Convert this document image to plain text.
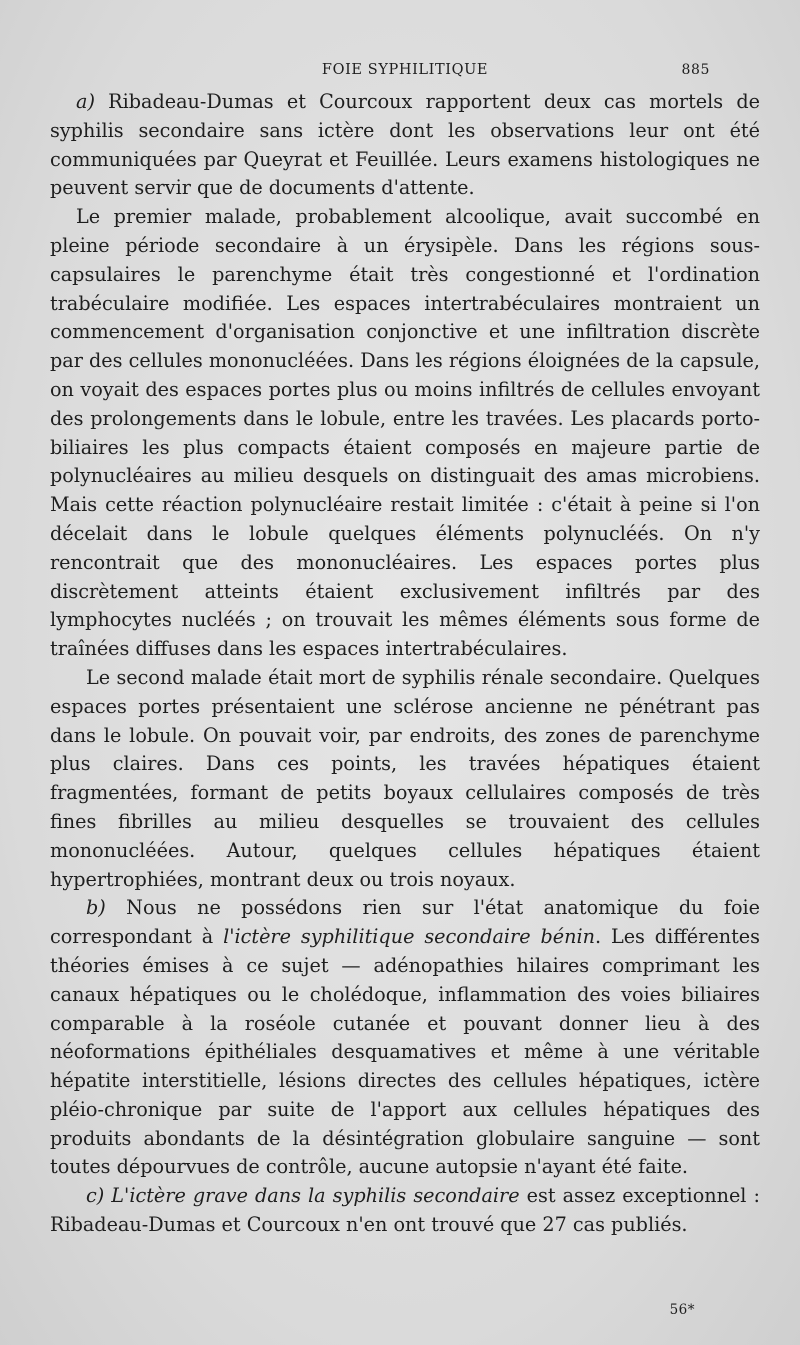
FOIE SYPHILITIQUE	885

a) Ribadeau-Dumas et Courcoux rapportent deux cas mortels de syphilis secondaire sans ictère dont les observations leur ont été communiquées par Queyrat et Feuillée. Leurs examens histologiques ne peuvent servir que de documents d'attente.

Le premier malade, probablement alcoolique, avait succombé en pleine période secondaire à un érysipèle. Dans les régions sous-capsulaires le parenchyme était très congestionné et l'ordination trabéculaire modifiée. Les espaces intertrabéculaires montraient un commencement d'organisation conjonctive et une infiltration discrète par des cellules mononucléées. Dans les régions éloignées de la capsule, on voyait des espaces portes plus ou moins infiltrés de cellules envoyant des prolongements dans le lobule, entre les travées. Les placards porto-biliaires les plus compacts étaient composés en majeure partie de polynucléaires au milieu desquels on distinguait des amas microbiens. Mais cette réaction polynucléaire restait limitée : c'était à peine si l'on décelait dans le lobule quelques éléments polynucléés. On n'y rencontrait que des mononucléaires. Les espaces portes plus discrètement atteints étaient exclusivement infiltrés par des lymphocytes nucléés ; on trouvait les mêmes éléments sous forme de traînées diffuses dans les espaces intertrabéculaires.

Le second malade était mort de syphilis rénale secondaire. Quelques espaces portes présentaient une sclérose ancienne ne pénétrant pas dans le lobule. On pouvait voir, par endroits, des zones de parenchyme plus claires. Dans ces points, les travées hépatiques étaient fragmentées, formant de petits boyaux cellulaires composés de très fines fibrilles au milieu desquelles se trouvaient des cellules mononucléées. Autour, quelques cellules hépatiques étaient hypertrophiées, montrant deux ou trois noyaux.

b) Nous ne possédons rien sur l'état anatomique du foie correspondant à l'ictère syphilitique secondaire bénin. Les différentes théories émises à ce sujet — adénopathies hilaires comprimant les canaux hépatiques ou le cholédoque, inflammation des voies biliaires comparable à la roséole cutanée et pouvant donner lieu à des néoformations épithéliales desquamatives et même à une véritable hépatite interstitielle, lésions directes des cellules hépatiques, ictère pléio-chronique par suite de l'apport aux cellules hépatiques des produits abondants de la désintégration globulaire sanguine — sont toutes dépourvues de contrôle, aucune autopsie n'ayant été faite.

c) L'ictère grave dans la syphilis secondaire est assez exceptionnel : Ribadeau-Dumas et Courcoux n'en ont trouvé que 27 cas publiés.

56*
